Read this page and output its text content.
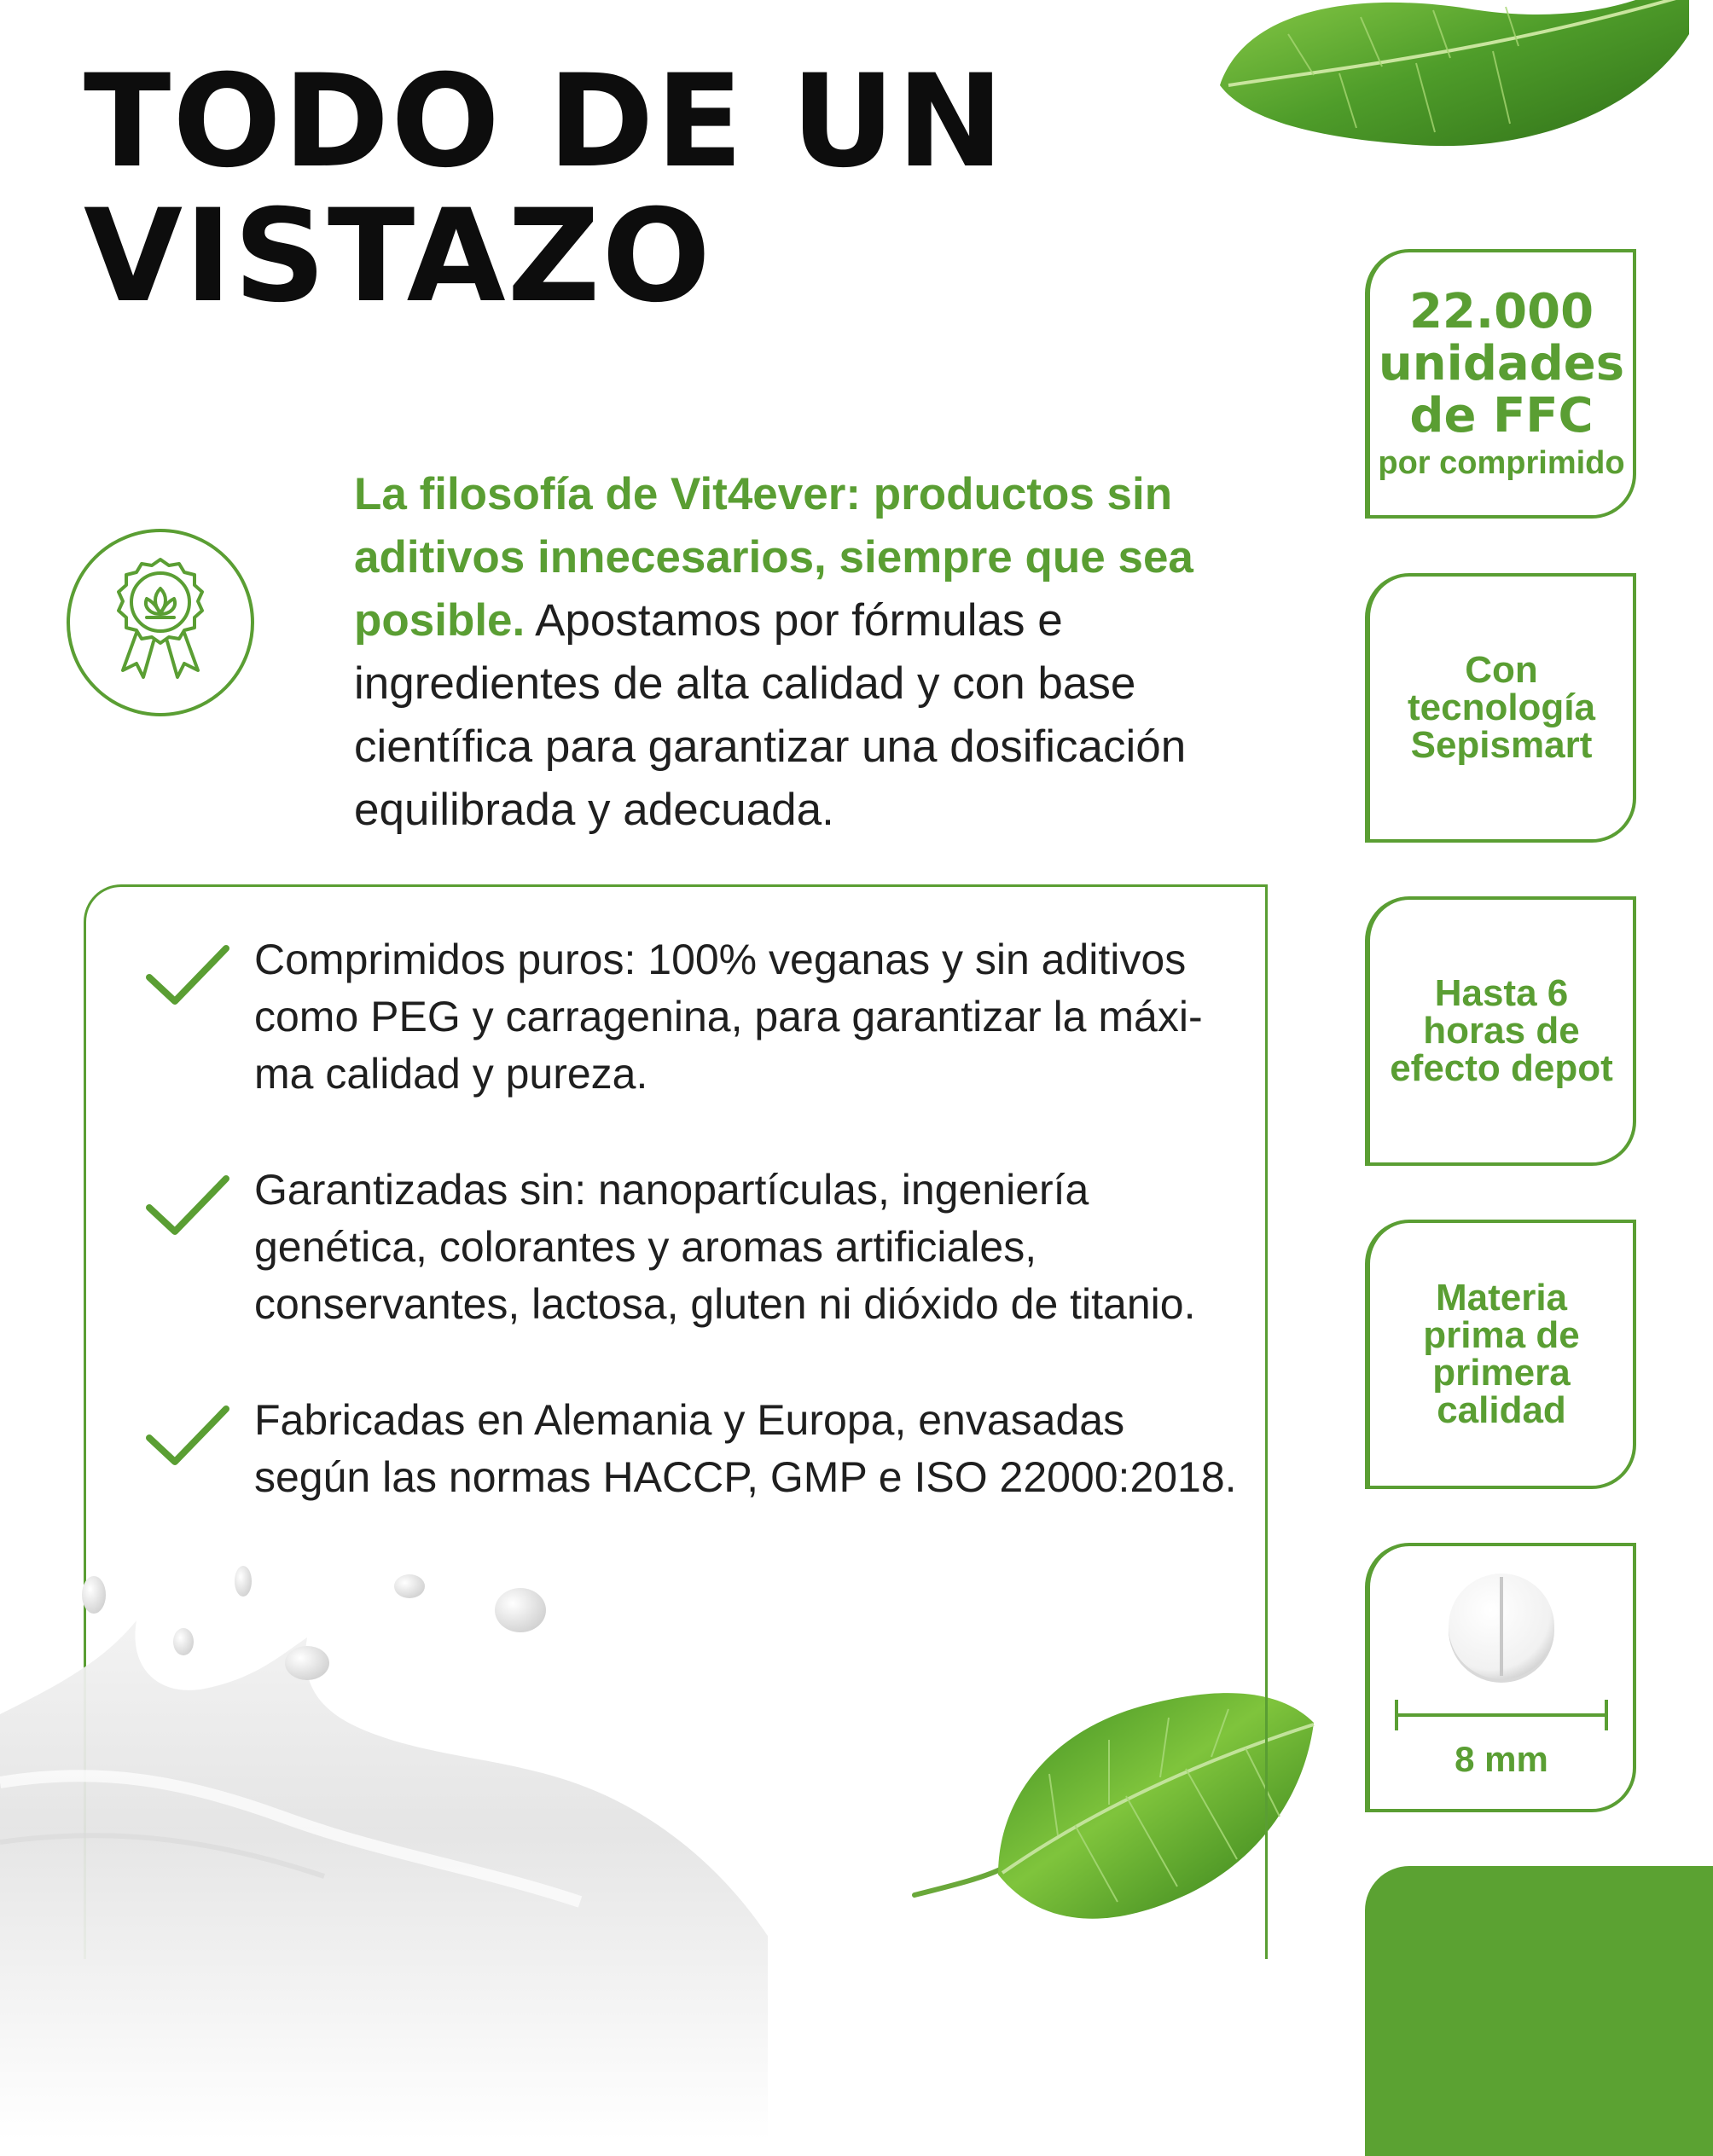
TODO DE UN
VISTAZO

La filosofía de Vit4ever: productos sin aditivos innecesarios, siempre que sea posible. Apostamos por fórmulas e ingredientes de alta calidad y con base científica para garantizar una dosificación equilibrada y adecuada.

Comprimidos puros: 100% veganas y sin aditivos como PEG y carragenina, para garantizar la máxi-ma calidad y pureza.

Garantizadas sin: nanopartículas, ingeniería genética, colorantes y aromas artificiales, conservantes, lactosa, gluten ni dióxido de titanio.

Fabricadas en Alemania y Europa, envasadas según las normas HACCP, GMP e ISO 22000:2018.

22.000
unidades
de FFC
por comprimido
Con tecnología Sepismart
Hasta 6 horas de efecto depot
Materia prima de primera calidad
8 mm
